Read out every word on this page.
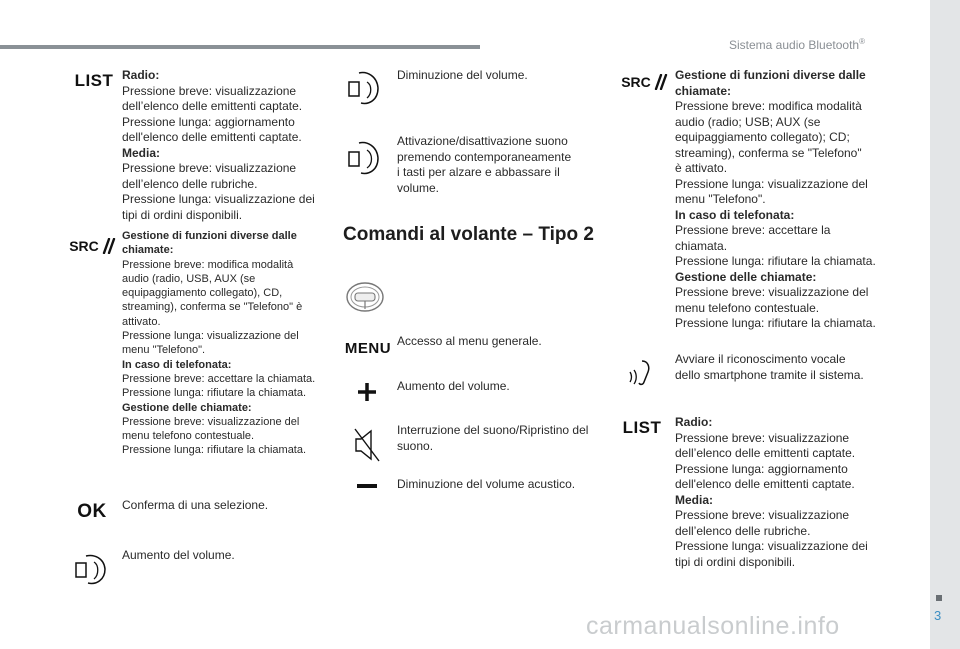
Sistema audio Bluetooth®
3
carmanualsonline.info
LIST Radio:
Pressione breve: visualizzazione
dell’elenco delle emittenti captate.
Pressione lunga: aggiornamento
dell'elenco delle emittenti captate.
Media:
Pressione breve: visualizzazione
dell’elenco delle rubriche.
Pressione lunga: visualizzazione dei
tipi di ordini disponibili.
SRC
Gestione di funzioni diverse dalle
chiamate:
Pressione breve: modifica modalità
audio (radio, USB, AUX (se
equipaggiamento collegato), CD,
streaming), conferma se "Telefono" è
attivato.
Pressione lunga: visualizzazione del
menu "Telefono".
In caso di telefonata:
Pressione breve: accettare la chiamata.
Pressione lunga: rifiutare la chiamata.
Gestione delle chiamate:
Pressione breve: visualizzazione del
menu telefono contestuale.
Pressione lunga: rifiutare la chiamata.
OK Conferma di una selezione.
Aumento del volume.
Diminuzione del volume.
Attivazione/disattivazione suono
premendo contemporaneamente
i tasti per alzare e abbassare il
volume.
Comandi al volante – Tipo 2
MENU Accesso al menu generale.
Aumento del volume.
Interruzione del suono/Ripristino del
suono.
Diminuzione del volume acustico.
SRC Gestione di funzioni diverse dalle
chiamate:
Pressione breve: modifica modalità
audio (radio; USB; AUX (se
equipaggiamento collegato); CD;
streaming), conferma se "Telefono"
è attivato.
Pressione lunga: visualizzazione del
menu "Telefono".
In caso di telefonata:
Pressione breve: accettare la
chiamata.
Pressione lunga: rifiutare la chiamata.
Gestione delle chiamate:
Pressione breve: visualizzazione del
menu telefono contestuale.
Pressione lunga: rifiutare la chiamata.
Avviare il riconoscimento vocale
dello smartphone tramite il sistema.
LIST Radio:
Pressione breve: visualizzazione
dell’elenco delle emittenti captate.
Pressione lunga: aggiornamento
dell'elenco delle emittenti captate.
Media:
Pressione breve: visualizzazione
dell’elenco delle rubriche.
Pressione lunga: visualizzazione dei
tipi di ordini disponibili.
